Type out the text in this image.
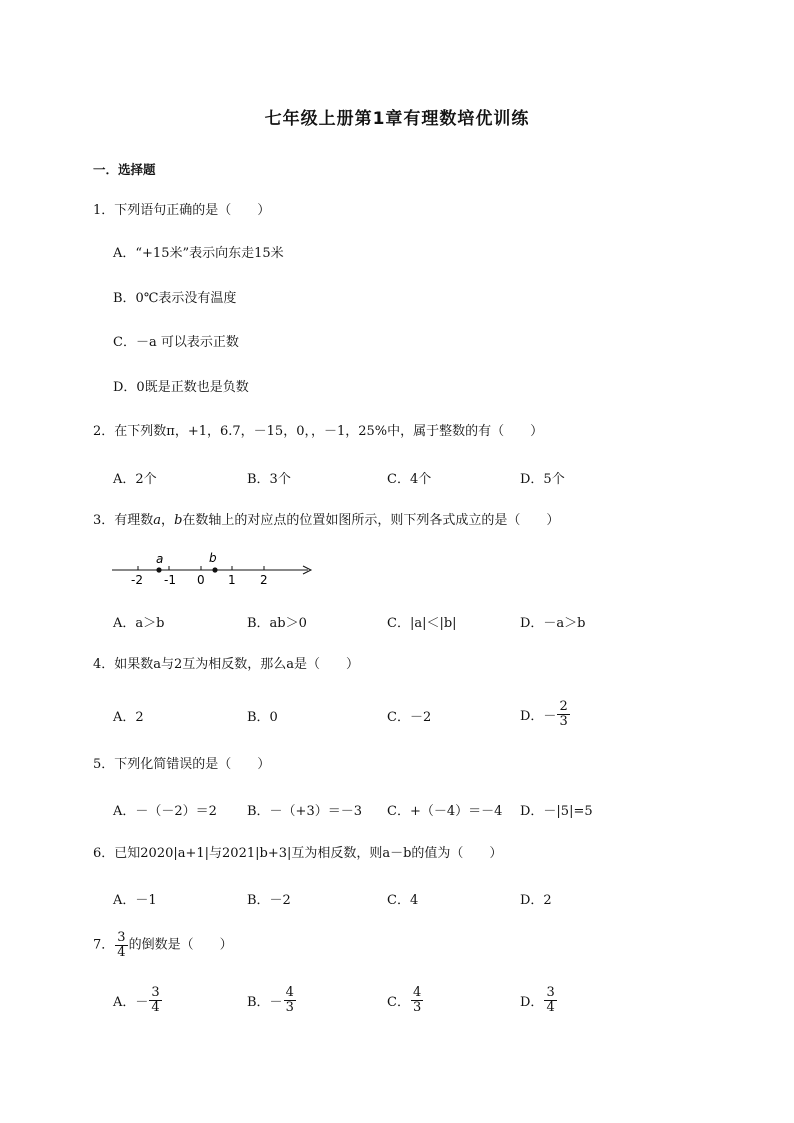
七年级上册第1章有理数培优训练
一．选择题
1．下列语句正确的是（　　）
A．“+15米”表示向东走15米
B．0℃表示没有温度
C．－a 可以表示正数
D．0既是正数也是负数
2．在下列数π，+1，6.7，－15，0，，－1，25%中，属于整数的有（　　）
A．2个	B．3个	C．4个	D．5个
3．有理数a，b在数轴上的对应点的位置如图所示，则下列各式成立的是（　　）
a	b
-2 -1 0 1 2
A．a＞b	B．ab＞0	C．|a|＜|b|	D．－a＞b
4．如果数a与2互为相反数，那么a是（　　）
A．2	B．0	C．－2	D．－ $\frac{2}{3}$
5．下列化简错误的是（　　）
A．－（－2）＝2 B．－（+3）＝－3 C．+（－4）＝－4 D．－|5|=5
6．已知2020|a+1|与2021|b+3|互为相反数，则a－b的值为（　　）
A．－1	B．－2	C．4	D．2
7． $\frac{3}{4}$ 的倒数是（　　）
A．－ $\frac{3}{4}$	B．－ $\frac{4}{3}$	C． $\frac{4}{3}$	D． $\frac{3}{4}$
